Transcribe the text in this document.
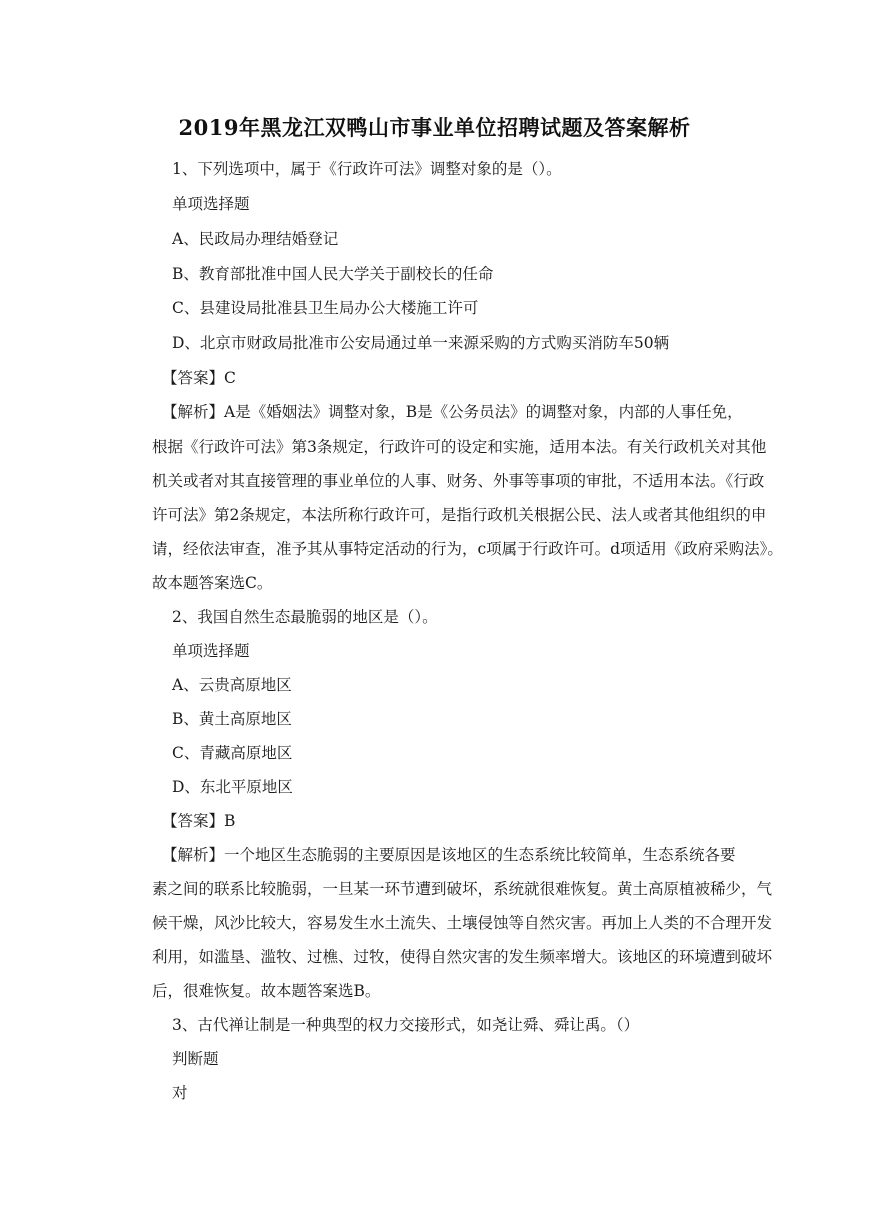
2019年黑龙江双鸭山市事业单位招聘试题及答案解析
1、下列选项中，属于《行政许可法》调整对象的是（）。
单项选择题
A、民政局办理结婚登记
B、教育部批准中国人民大学关于副校长的任命
C、县建设局批准县卫生局办公大楼施工许可
D、北京市财政局批准市公安局通过单一来源采购的方式购买消防车50辆
【答案】C
【解析】A是《婚姻法》调整对象，B是《公务员法》的调整对象，内部的人事任免，
根据《行政许可法》第3条规定，行政许可的设定和实施，适用本法。有关行政机关对其他
机关或者对其直接管理的事业单位的人事、财务、外事等事项的审批，不适用本法。《行政
许可法》第2条规定，本法所称行政许可，是指行政机关根据公民、法人或者其他组织的申
请，经依法审查，准予其从事特定活动的行为，c项属于行政许可。d项适用《政府采购法》。
故本题答案选C。
2、我国自然生态最脆弱的地区是（）。
单项选择题
A、云贵高原地区
B、黄土高原地区
C、青藏高原地区
D、东北平原地区
【答案】B
【解析】一个地区生态脆弱的主要原因是该地区的生态系统比较简单，生态系统各要
素之间的联系比较脆弱，一旦某一环节遭到破坏，系统就很难恢复。黄土高原植被稀少，气
候干燥，风沙比较大，容易发生水土流失、土壤侵蚀等自然灾害。再加上人类的不合理开发
利用，如滥垦、滥牧、过樵、过牧，使得自然灾害的发生频率增大。该地区的环境遭到破坏
后，很难恢复。故本题答案选B。
3、古代禅让制是一种典型的权力交接形式，如尧让舜、舜让禹。（）
判断题
对
